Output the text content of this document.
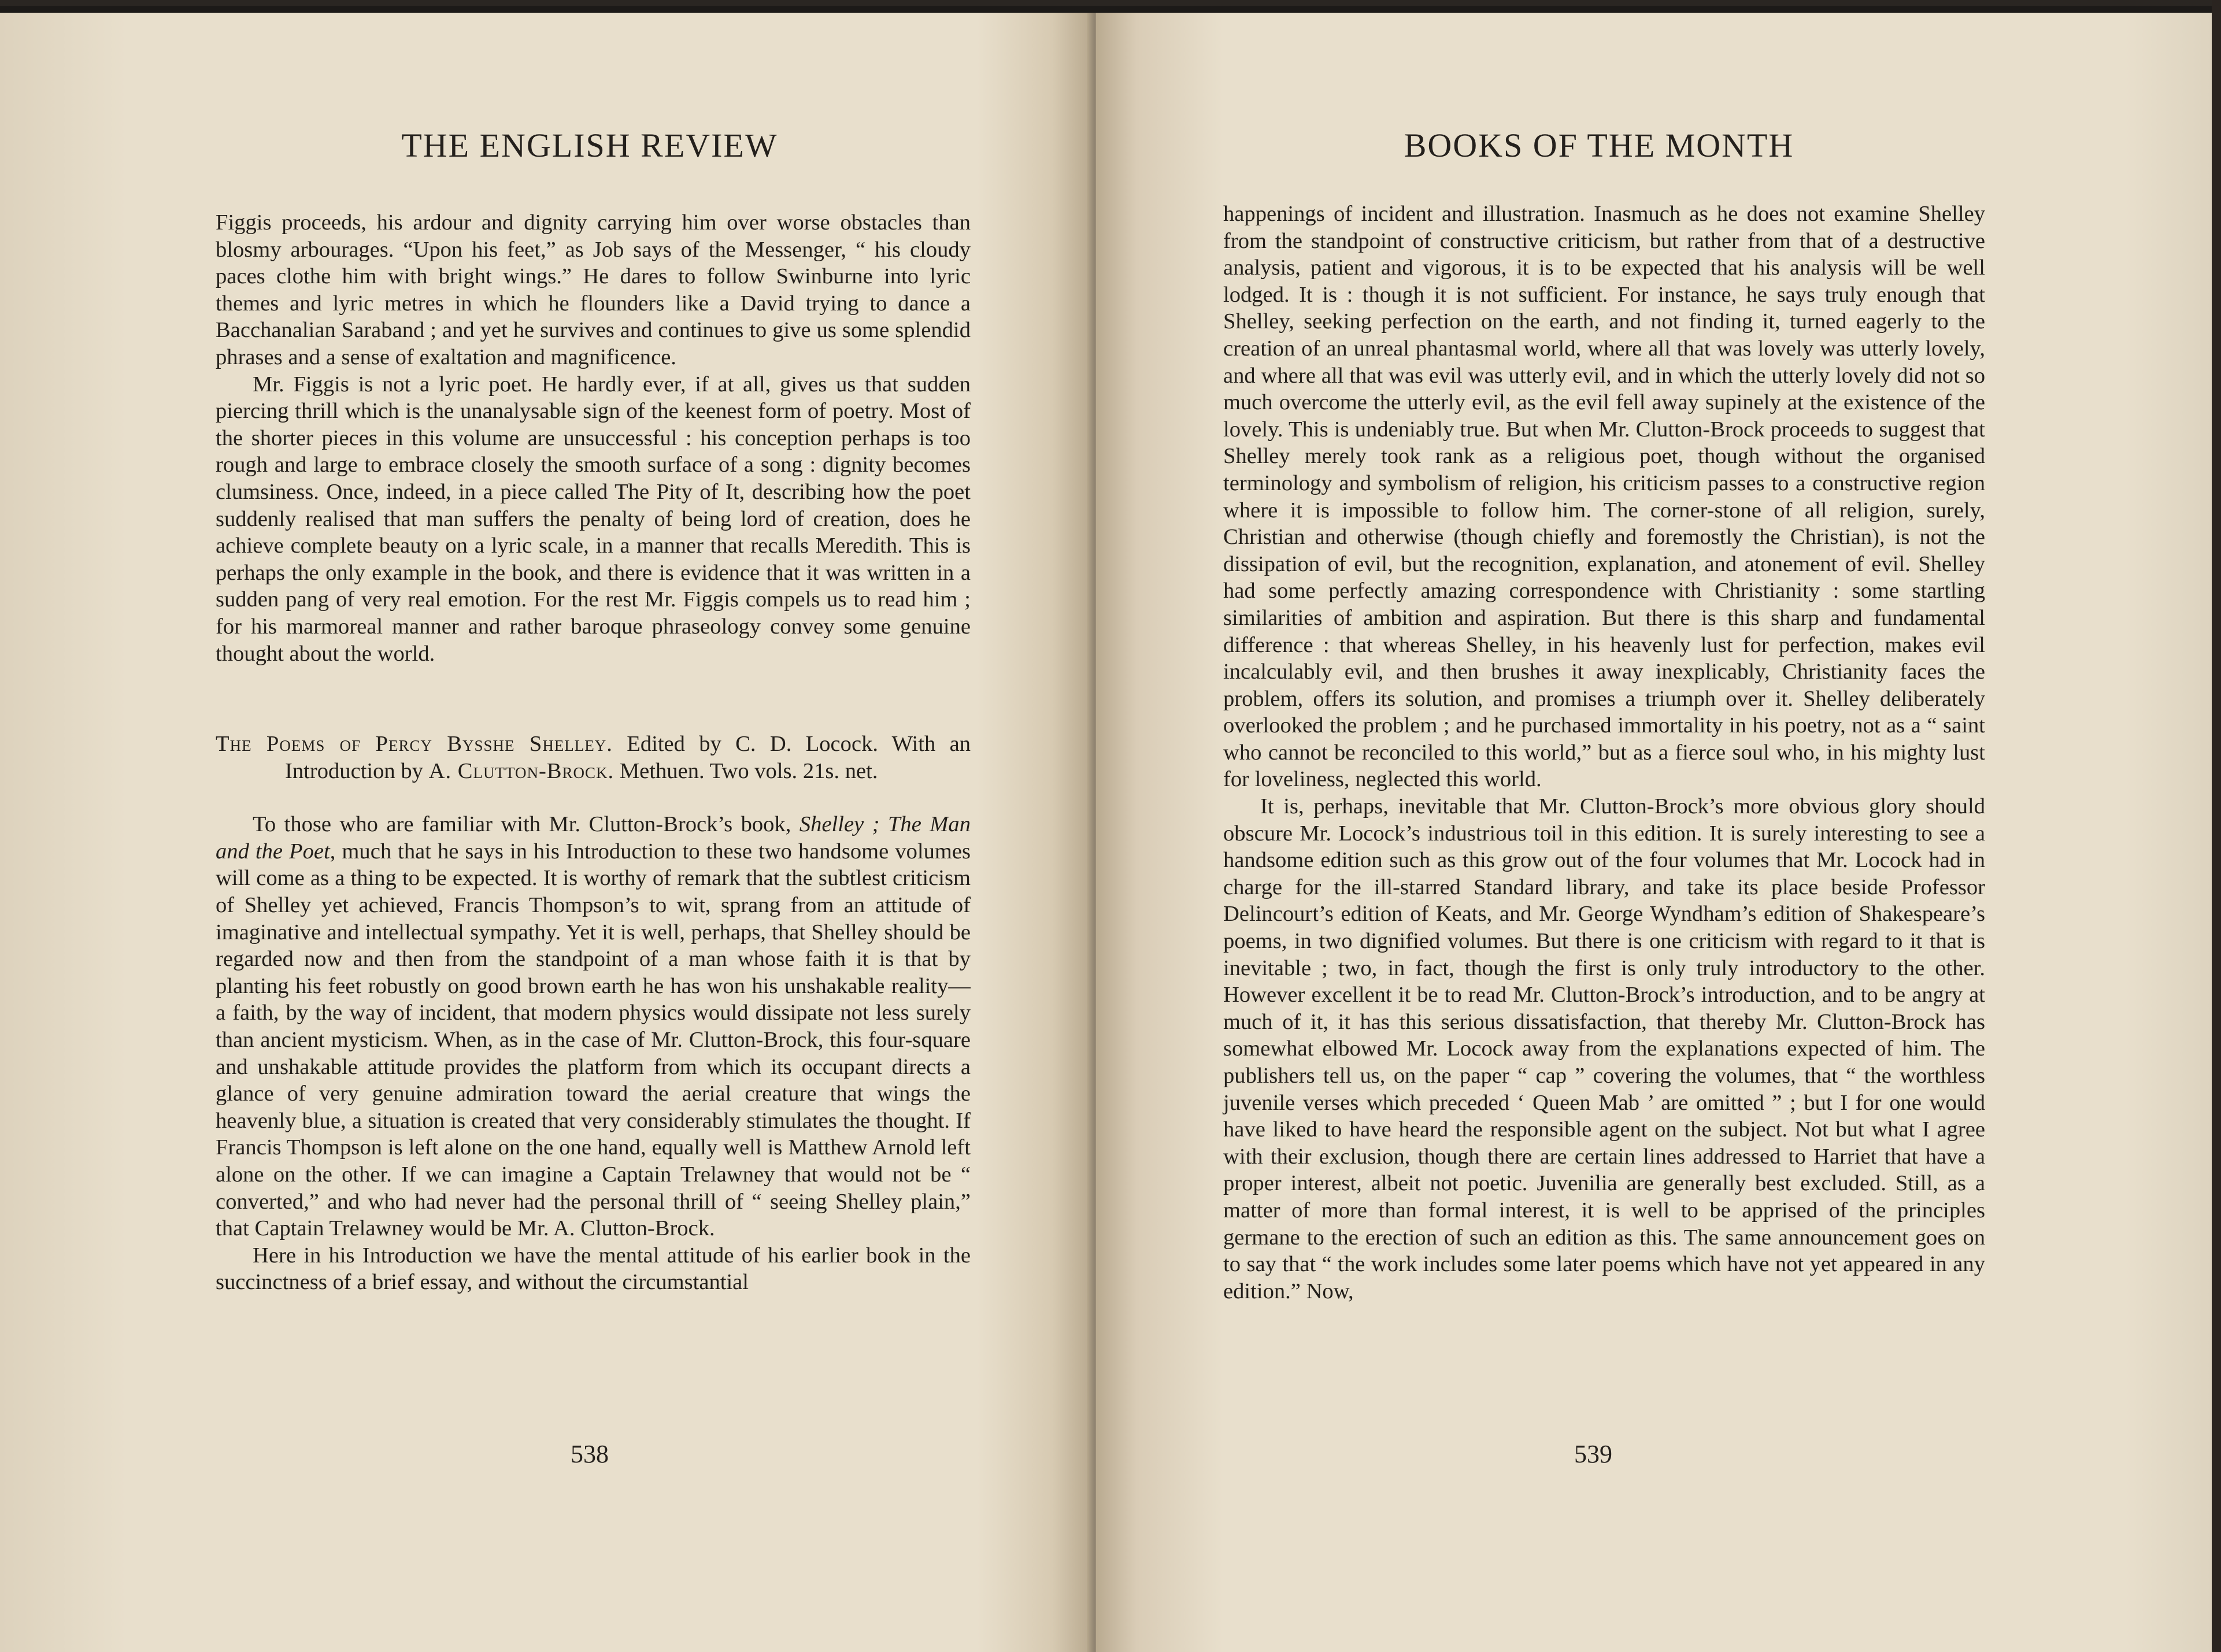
THE ENGLISH REVIEW

Figgis proceeds, his ardour and dignity carrying him over worse obstacles than blosmy arbourages. “Upon his feet,” as Job says of the Messenger, “ his cloudy paces clothe him with bright wings.” He dares to follow Swinburne into lyric themes and lyric metres in which he flounders like a David trying to dance a Bacchanalian Saraband ; and yet he survives and continues to give us some splendid phrases and a sense of exaltation and magnificence.

Mr. Figgis is not a lyric poet. He hardly ever, if at all, gives us that sudden piercing thrill which is the unanalysable sign of the keenest form of poetry. Most of the shorter pieces in this volume are unsuccessful : his conception perhaps is too rough and large to embrace closely the smooth surface of a song : dignity becomes clumsiness. Once, indeed, in a piece called The Pity of It, describing how the poet suddenly realised that man suffers the penalty of being lord of creation, does he achieve complete beauty on a lyric scale, in a manner that recalls Meredith. This is perhaps the only example in the book, and there is evidence that it was written in a sudden pang of very real emotion. For the rest Mr. Figgis compels us to read him ; for his marmoreal manner and rather baroque phraseology convey some genuine thought about the world.

The Poems of Percy Bysshe Shelley. Edited by C. D. Locock. With an Introduction by A. Clutton-Brock. Methuen. Two vols. 21s. net.

To those who are familiar with Mr. Clutton-Brock’s book, Shelley ; The Man and the Poet, much that he says in his Introduction to these two handsome volumes will come as a thing to be expected. It is worthy of remark that the subtlest criticism of Shelley yet achieved, Francis Thompson’s to wit, sprang from an attitude of imaginative and intellectual sympathy. Yet it is well, perhaps, that Shelley should be regarded now and then from the standpoint of a man whose faith it is that by planting his feet robustly on good brown earth he has won his unshakable reality— a faith, by the way of incident, that modern physics would dissipate not less surely than ancient mysticism. When, as in the case of Mr. Clutton-Brock, this four-square and unshakable attitude provides the platform from which its occupant directs a glance of very genuine admiration toward the aerial creature that wings the heavenly blue, a situation is created that very considerably stimulates the thought. If Francis Thompson is left alone on the one hand, equally well is Matthew Arnold left alone on the other. If we can imagine a Captain Trelawney that would not be “ converted,” and who had never had the personal thrill of “ seeing Shelley plain,” that Captain Trelawney would be Mr. A. Clutton-Brock.

Here in his Introduction we have the mental attitude of his earlier book in the succinctness of a brief essay, and without the circumstantial

538
BOOKS OF THE MONTH

happenings of incident and illustration. Inasmuch as he does not examine Shelley from the standpoint of constructive criticism, but rather from that of a destructive analysis, patient and vigorous, it is to be expected that his analysis will be well lodged. It is : though it is not sufficient. For instance, he says truly enough that Shelley, seeking perfection on the earth, and not finding it, turned eagerly to the creation of an unreal phantasmal world, where all that was lovely was utterly lovely, and where all that was evil was utterly evil, and in which the utterly lovely did not so much overcome the utterly evil, as the evil fell away supinely at the existence of the lovely. This is undeniably true. But when Mr. Clutton-Brock proceeds to suggest that Shelley merely took rank as a religious poet, though without the organised terminology and symbolism of religion, his criticism passes to a constructive region where it is impossible to follow him. The corner-stone of all religion, surely, Christian and otherwise (though chiefly and foremostly the Christian), is not the dissipation of evil, but the recognition, explanation, and atonement of evil. Shelley had some perfectly amazing correspondence with Christianity : some startling similarities of ambition and aspiration. But there is this sharp and fundamental difference : that whereas Shelley, in his heavenly lust for perfection, makes evil incalculably evil, and then brushes it away inexplicably, Christianity faces the problem, offers its solution, and promises a triumph over it. Shelley deliberately overlooked the problem ; and he purchased immortality in his poetry, not as a “ saint who cannot be reconciled to this world,” but as a fierce soul who, in his mighty lust for loveliness, neglected this world.

It is, perhaps, inevitable that Mr. Clutton-Brock’s more obvious glory should obscure Mr. Locock’s industrious toil in this edition. It is surely interesting to see a handsome edition such as this grow out of the four volumes that Mr. Locock had in charge for the ill-starred Standard library, and take its place beside Professor Delincourt’s edition of Keats, and Mr. George Wyndham’s edition of Shakespeare’s poems, in two dignified volumes. But there is one criticism with regard to it that is inevitable ; two, in fact, though the first is only truly introductory to the other. However excellent it be to read Mr. Clutton-Brock’s introduction, and to be angry at much of it, it has this serious dissatisfaction, that thereby Mr. Clutton-Brock has somewhat elbowed Mr. Locock away from the explanations expected of him. The publishers tell us, on the paper “ cap ” covering the volumes, that “ the worthless juvenile verses which preceded ‘ Queen Mab ’ are omitted ” ; but I for one would have liked to have heard the responsible agent on the subject. Not but what I agree with their exclusion, though there are certain lines addressed to Harriet that have a proper interest, albeit not poetic. Juvenilia are generally best excluded. Still, as a matter of more than formal interest, it is well to be apprised of the principles germane to the erection of such an edition as this. The same announcement goes on to say that “ the work includes some later poems which have not yet appeared in any edition.” Now,

539
